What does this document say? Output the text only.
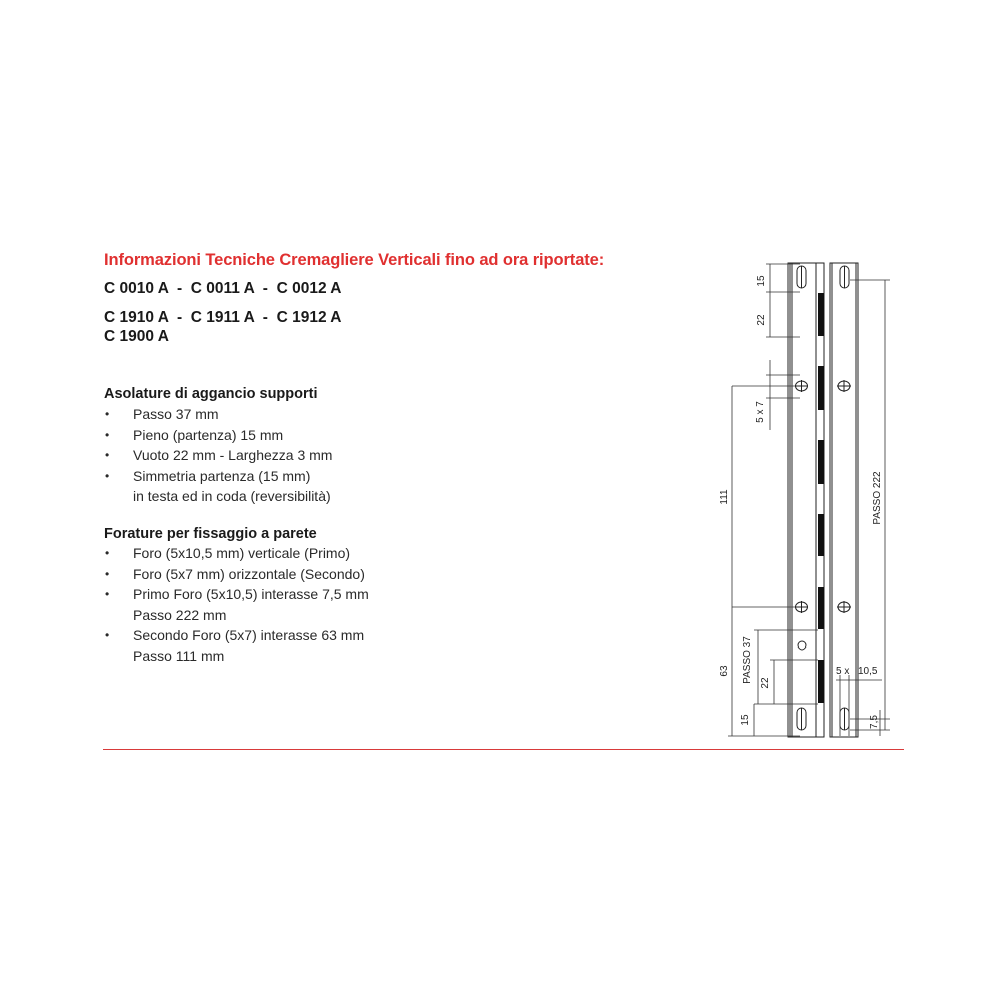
Informazioni Tecniche Cremagliere Verticali fino ad ora riportate:
C 0010 A  -  C 0011 A  -  C 0012 A
C 1910 A  -  C 1911 A  -  C 1912 A
C 1900 A
Asolature di aggancio supporti
• Passo 37 mm
• Pieno (partenza) 15 mm
• Vuoto 22 mm - Larghezza 3 mm
• Simmetria partenza (15 mm)
in testa ed in coda (reversibilità)
Forature per fissaggio a parete
• Foro (5x10,5 mm) verticale (Primo)
• Foro (5x7 mm) orizzontale (Secondo)
• Primo Foro (5x10,5) interasse 7,5 mm
Passo 222 mm
• Secondo Foro (5x7) interasse 63 mm
Passo 111 mm
15
22
5 x 7
111	PASSO 222
PASSO 37
63
22
15
5 x 10,5
7,5
